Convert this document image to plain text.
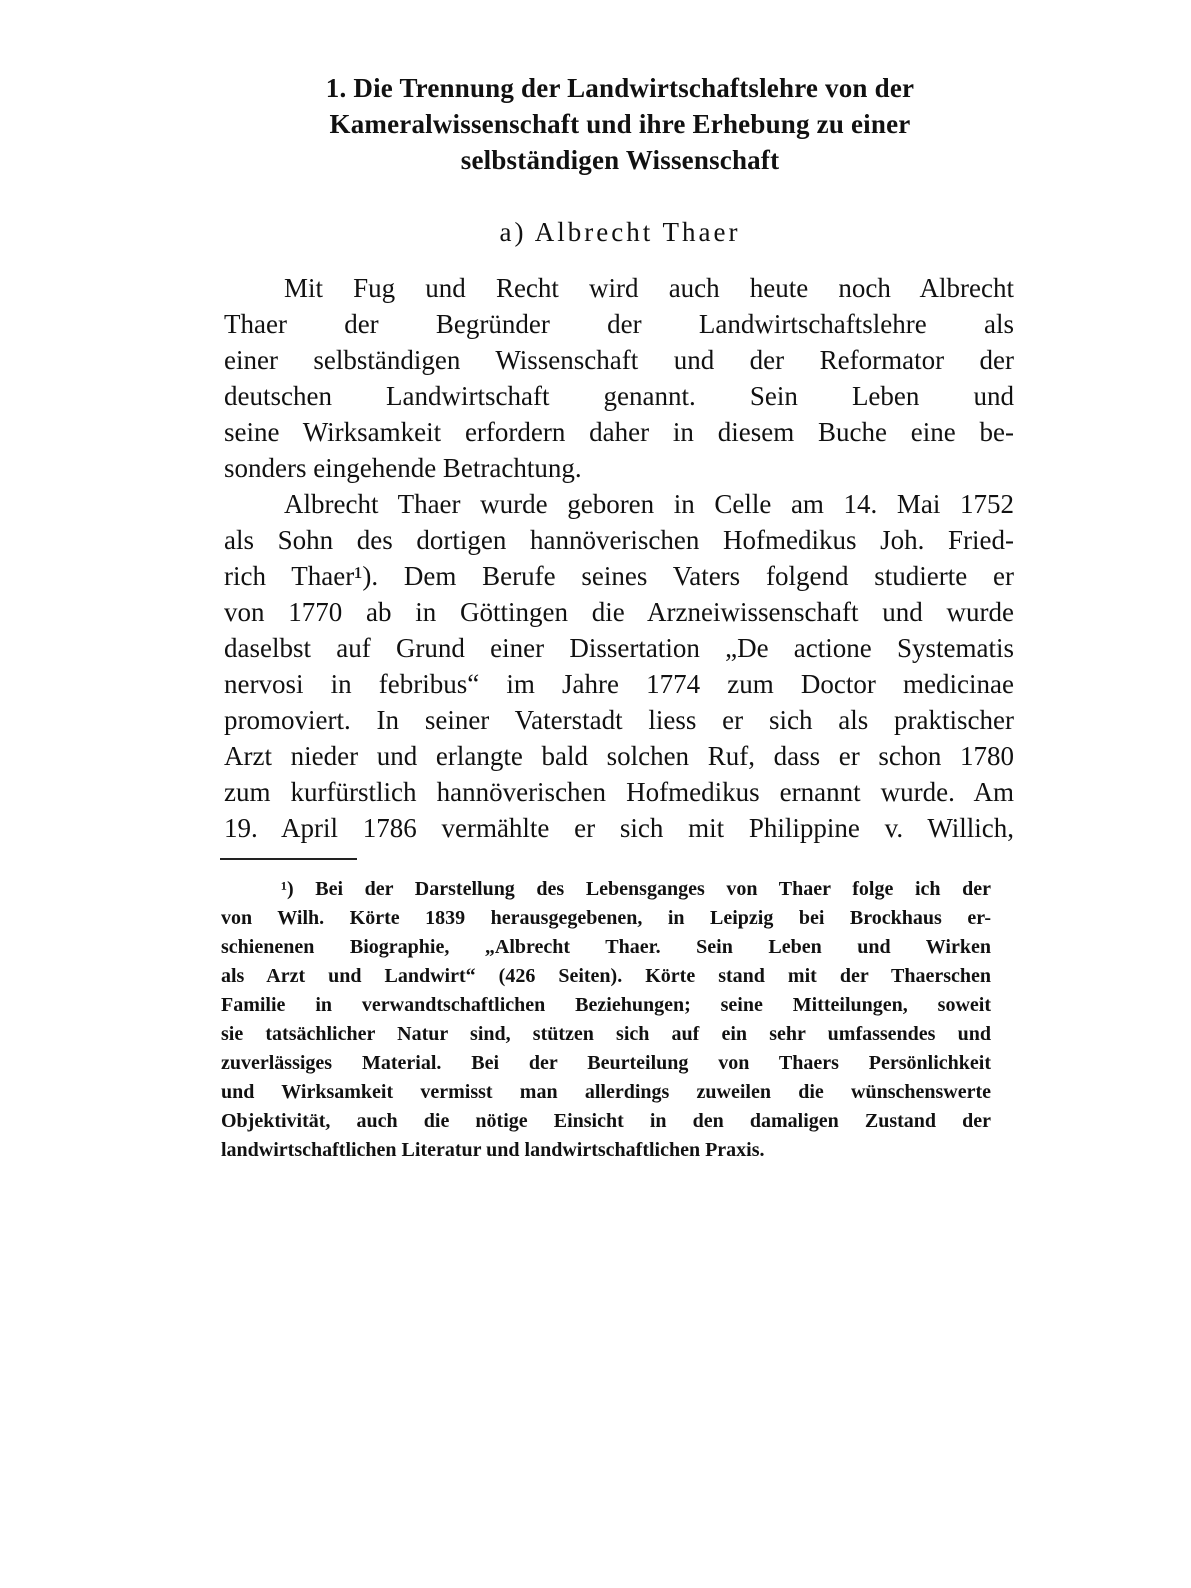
1. Die Trennung der Landwirtschaftslehre von der
Kameralwissenschaft und ihre Erhebung zu einer
selbständigen Wissenschaft
a) Albrecht Thaer
Mit Fug und Recht wird auch heute noch Albrecht
Thaer der Begründer der Landwirtschaftslehre als
einer selbständigen Wissenschaft und der Reformator der
deutschen Landwirtschaft genannt. Sein Leben und
seine Wirksamkeit erfordern daher in diesem Buche eine be-
sonders eingehende Betrachtung.
Albrecht Thaer wurde geboren in Celle am 14. Mai 1752
als Sohn des dortigen hannöverischen Hofmedikus Joh. Fried-
rich Thaer¹). Dem Berufe seines Vaters folgend studierte er
von 1770 ab in Göttingen die Arzneiwissenschaft und wurde
daselbst auf Grund einer Dissertation „De actione Systematis
nervosi in febribus“ im Jahre 1774 zum Doctor medicinae
promoviert. In seiner Vaterstadt liess er sich als praktischer
Arzt nieder und erlangte bald solchen Ruf, dass er schon 1780
zum kurfürstlich hannöverischen Hofmedikus ernannt wurde. Am
19. April 1786 vermählte er sich mit Philippine v. Willich,
¹) Bei der Darstellung des Lebensganges von Thaer folge ich der
von Wilh. Körte 1839 herausgegebenen, in Leipzig bei Brockhaus er-
schienenen Biographie, „Albrecht Thaer. Sein Leben und Wirken
als Arzt und Landwirt“ (426 Seiten). Körte stand mit der Thaerschen
Familie in verwandtschaftlichen Beziehungen; seine Mitteilungen, soweit
sie tatsächlicher Natur sind, stützen sich auf ein sehr umfassendes und
zuverlässiges Material. Bei der Beurteilung von Thaers Persönlichkeit
und Wirksamkeit vermisst man allerdings zuweilen die wünschenswerte
Objektivität, auch die nötige Einsicht in den damaligen Zustand der
landwirtschaftlichen Literatur und landwirtschaftlichen Praxis.
